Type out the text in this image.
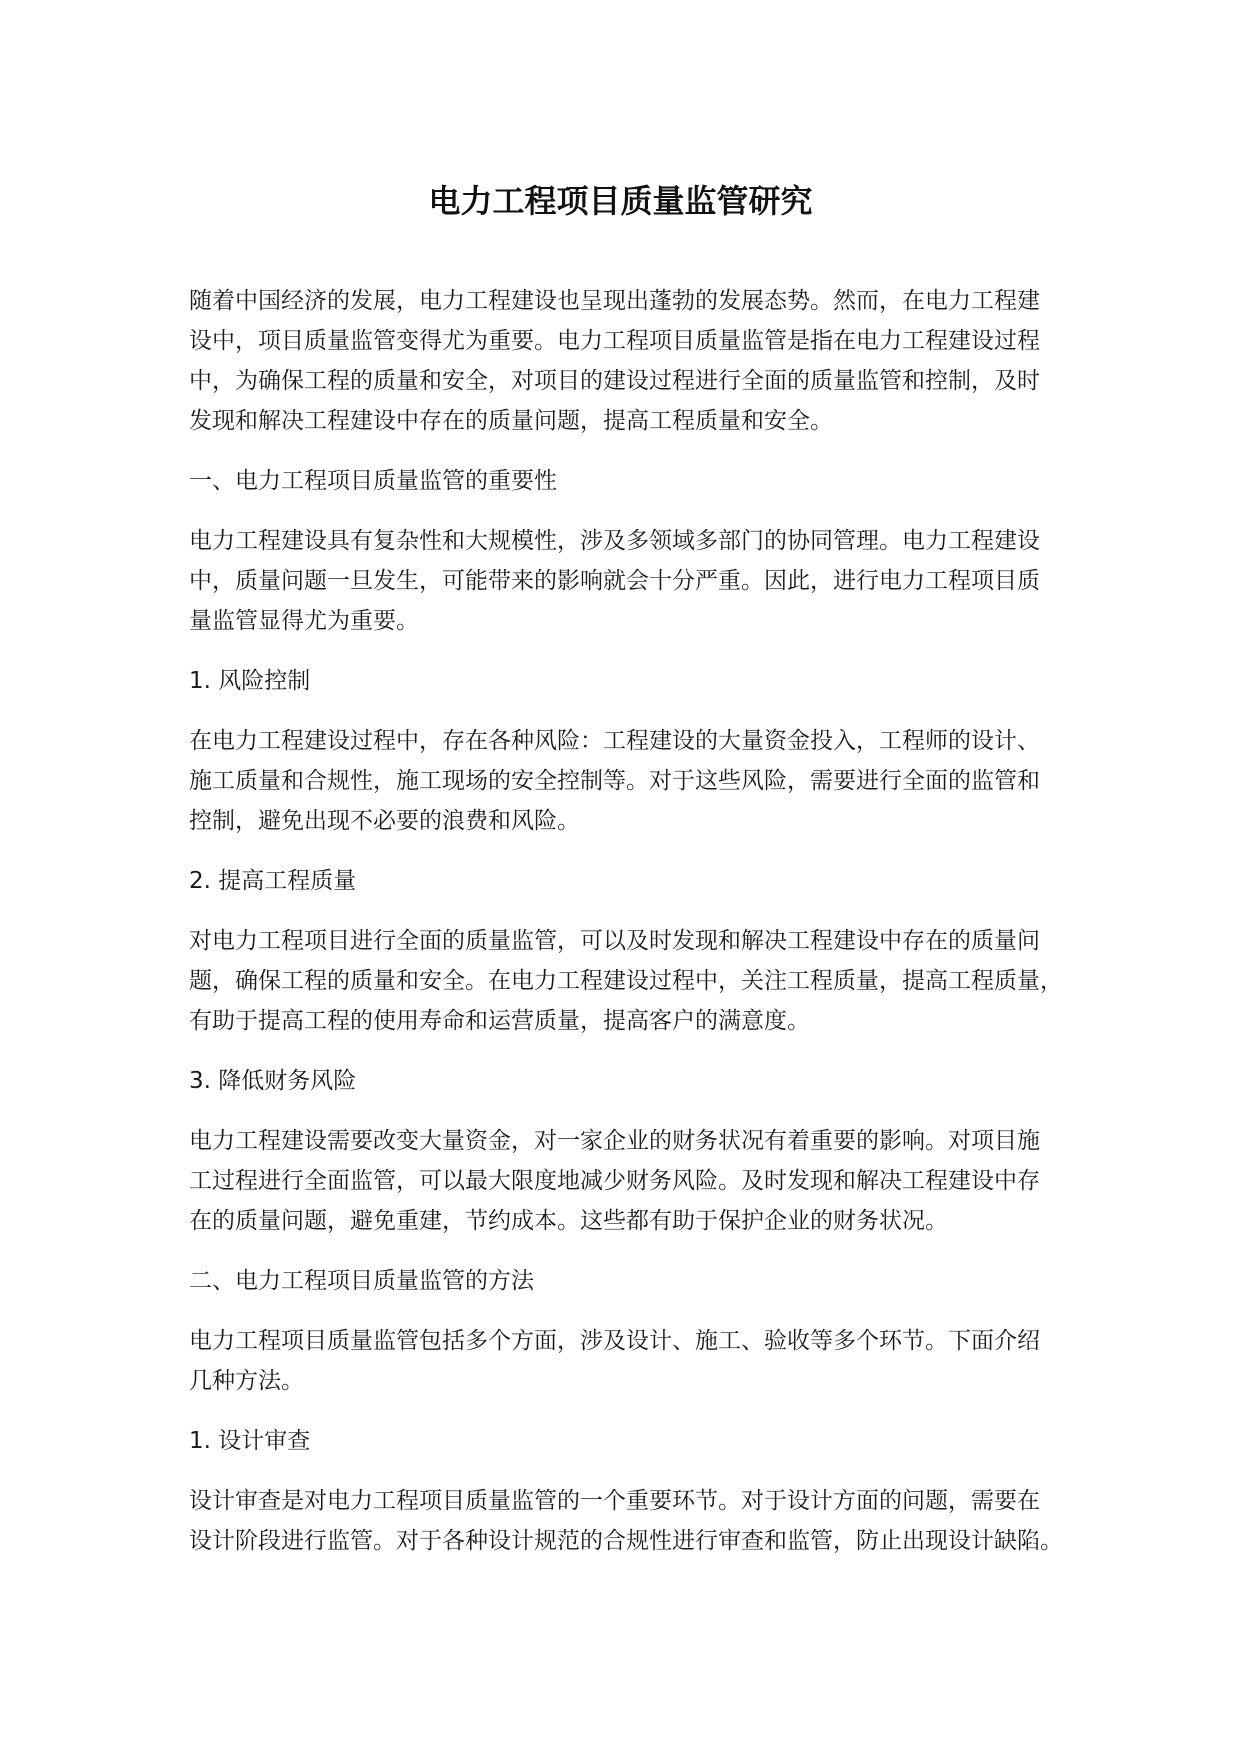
电力工程项目质量监管研究

随着中国经济的发展，电力工程建设也呈现出蓬勃的发展态势。然而，在电力工程建
设中，项目质量监管变得尤为重要。电力工程项目质量监管是指在电力工程建设过程
中，为确保工程的质量和安全，对项目的建设过程进行全面的质量监管和控制，及时
发现和解决工程建设中存在的质量问题，提高工程质量和安全。

一、电力工程项目质量监管的重要性

电力工程建设具有复杂性和大规模性，涉及多领域多部门的协同管理。电力工程建设
中，质量问题一旦发生，可能带来的影响就会十分严重。因此，进行电力工程项目质
量监管显得尤为重要。

1. 风险控制

在电力工程建设过程中，存在各种风险：工程建设的大量资金投入，工程师的设计、
施工质量和合规性，施工现场的安全控制等。对于这些风险，需要进行全面的监管和
控制，避免出现不必要的浪费和风险。

2. 提高工程质量

对电力工程项目进行全面的质量监管，可以及时发现和解决工程建设中存在的质量问
题，确保工程的质量和安全。在电力工程建设过程中，关注工程质量，提高工程质量，
有助于提高工程的使用寿命和运营质量，提高客户的满意度。

3. 降低财务风险

电力工程建设需要改变大量资金，对一家企业的财务状况有着重要的影响。对项目施
工过程进行全面监管，可以最大限度地减少财务风险。及时发现和解决工程建设中存
在的质量问题，避免重建，节约成本。这些都有助于保护企业的财务状况。

二、电力工程项目质量监管的方法

电力工程项目质量监管包括多个方面，涉及设计、施工、验收等多个环节。下面介绍
几种方法。

1. 设计审查

设计审查是对电力工程项目质量监管的一个重要环节。对于设计方面的问题，需要在
设计阶段进行监管。对于各种设计规范的合规性进行审查和监管，防止出现设计缺陷。
